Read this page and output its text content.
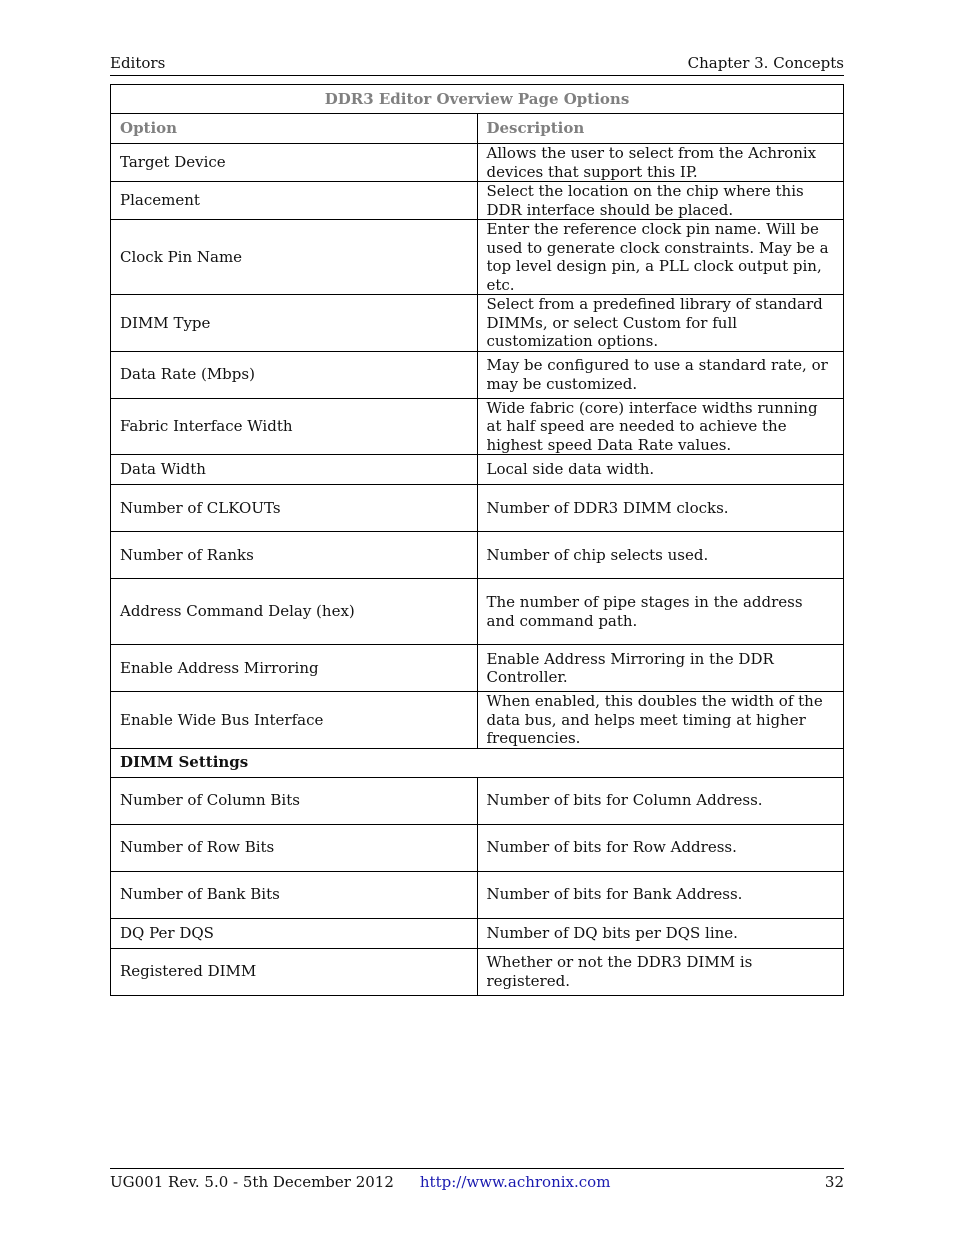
Editors	Chapter 3. Concepts
DDR3 Editor Overview Page Options	
Option	Description
Target Device	Allows the user to select from the Achronix devices that support this IP.
Placement	Select the location on the chip where this DDR interface should be placed.
Clock Pin Name	Enter the reference clock pin name. Will be used to generate clock constraints. May be a top level design pin, a PLL clock output pin, etc.
DIMM Type	Select from a predefined library of standard DIMMs, or select Custom for full customization options.
Data Rate (Mbps)	May be configured to use a standard rate, or may be customized.
Fabric Interface Width	Wide fabric (core) interface widths running at half speed are needed to achieve the highest speed Data Rate values.
Data Width	Local side data width.
Number of CLKOUTs	Number of DDR3 DIMM clocks.
Number of Ranks	Number of chip selects used.
Address Command Delay (hex)	The number of pipe stages in the address and command path.
Enable Address Mirroring	Enable Address Mirroring in the DDR Controller.
Enable Wide Bus Interface	When enabled, this doubles the width of the data bus, and helps meet timing at higher frequencies.
DIMM Settings	
Number of Column Bits	Number of bits for Column Address.
Number of Row Bits	Number of bits for Row Address.
Number of Bank Bits	Number of bits for Bank Address.
DQ Per DQS	Number of DQ bits per DQS line.
Registered DIMM	Whether or not the DDR3 DIMM is registered.
UG001 Rev. 5.0 - 5th December 2012 http://www.achronix.com	32
